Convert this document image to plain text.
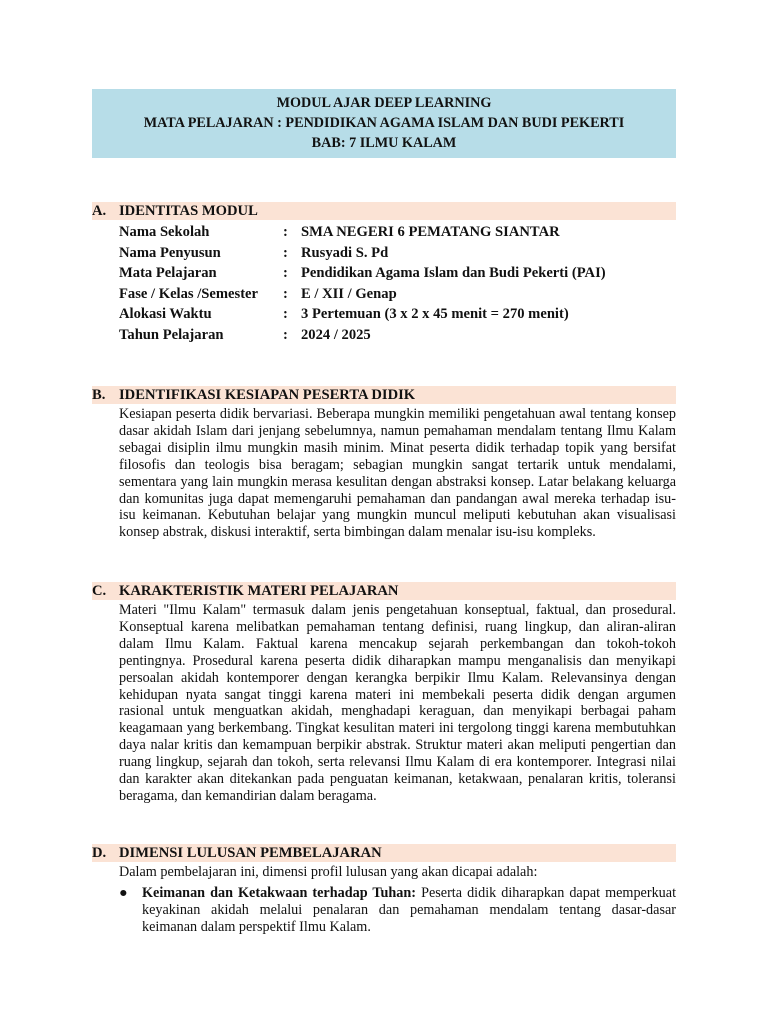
MODUL AJAR DEEP LEARNING
MATA PELAJARAN : PENDIDIKAN AGAMA ISLAM DAN BUDI PEKERTI
BAB: 7 ILMU KALAM
A. IDENTITAS MODUL
Nama Sekolah	: SMA NEGERI 6 PEMATANG SIANTAR
Nama Penyusun	: Rusyadi S. Pd
Mata Pelajaran	: Pendidikan Agama Islam dan Budi Pekerti (PAI)
Fase / Kelas /Semester : E / XII / Genap
Alokasi Waktu	: 3 Pertemuan (3 x 2 x 45 menit = 270 menit)
Tahun Pelajaran	: 2024 / 2025
B. IDENTIFIKASI KESIAPAN PESERTA DIDIK

Kesiapan peserta didik bervariasi. Beberapa mungkin memiliki pengetahuan awal tentang konsep dasar akidah Islam dari jenjang sebelumnya, namun pemahaman mendalam tentang Ilmu Kalam sebagai disiplin ilmu mungkin masih minim. Minat peserta didik terhadap topik yang bersifat filosofis dan teologis bisa beragam; sebagian mungkin sangat tertarik untuk mendalami, sementara yang lain mungkin merasa kesulitan dengan abstraksi konsep. Latar belakang keluarga dan komunitas juga dapat memengaruhi pemahaman dan pandangan awal mereka terhadap isu-isu keimanan. Kebutuhan belajar yang mungkin muncul meliputi kebutuhan akan visualisasi konsep abstrak, diskusi interaktif, serta bimbingan dalam menalar isu-isu kompleks.

C. KARAKTERISTIK MATERI PELAJARAN

Materi "Ilmu Kalam" termasuk dalam jenis pengetahuan konseptual, faktual, dan prosedural. Konseptual karena melibatkan pemahaman tentang definisi, ruang lingkup, dan aliran-aliran dalam Ilmu Kalam. Faktual karena mencakup sejarah perkembangan dan tokoh-tokoh pentingnya. Prosedural karena peserta didik diharapkan mampu menganalisis dan menyikapi persoalan akidah kontemporer dengan kerangka berpikir Ilmu Kalam. Relevansinya dengan kehidupan nyata sangat tinggi karena materi ini membekali peserta didik dengan argumen rasional untuk menguatkan akidah, menghadapi keraguan, dan menyikapi berbagai paham keagamaan yang berkembang. Tingkat kesulitan materi ini tergolong tinggi karena membutuhkan daya nalar kritis dan kemampuan berpikir abstrak. Struktur materi akan meliputi pengertian dan ruang lingkup, sejarah dan tokoh, serta relevansi Ilmu Kalam di era kontemporer. Integrasi nilai dan karakter akan ditekankan pada penguatan keimanan, ketakwaan, penalaran kritis, toleransi beragama, dan kemandirian dalam beragama.

D. DIMENSI LULUSAN PEMBELAJARAN

Dalam pembelajaran ini, dimensi profil lulusan yang akan dicapai adalah:

● Keimanan dan Ketakwaan terhadap Tuhan: Peserta didik diharapkan dapat memperkuat keyakinan akidah melalui penalaran dan pemahaman mendalam tentang dasar-dasar keimanan dalam perspektif Ilmu Kalam.
